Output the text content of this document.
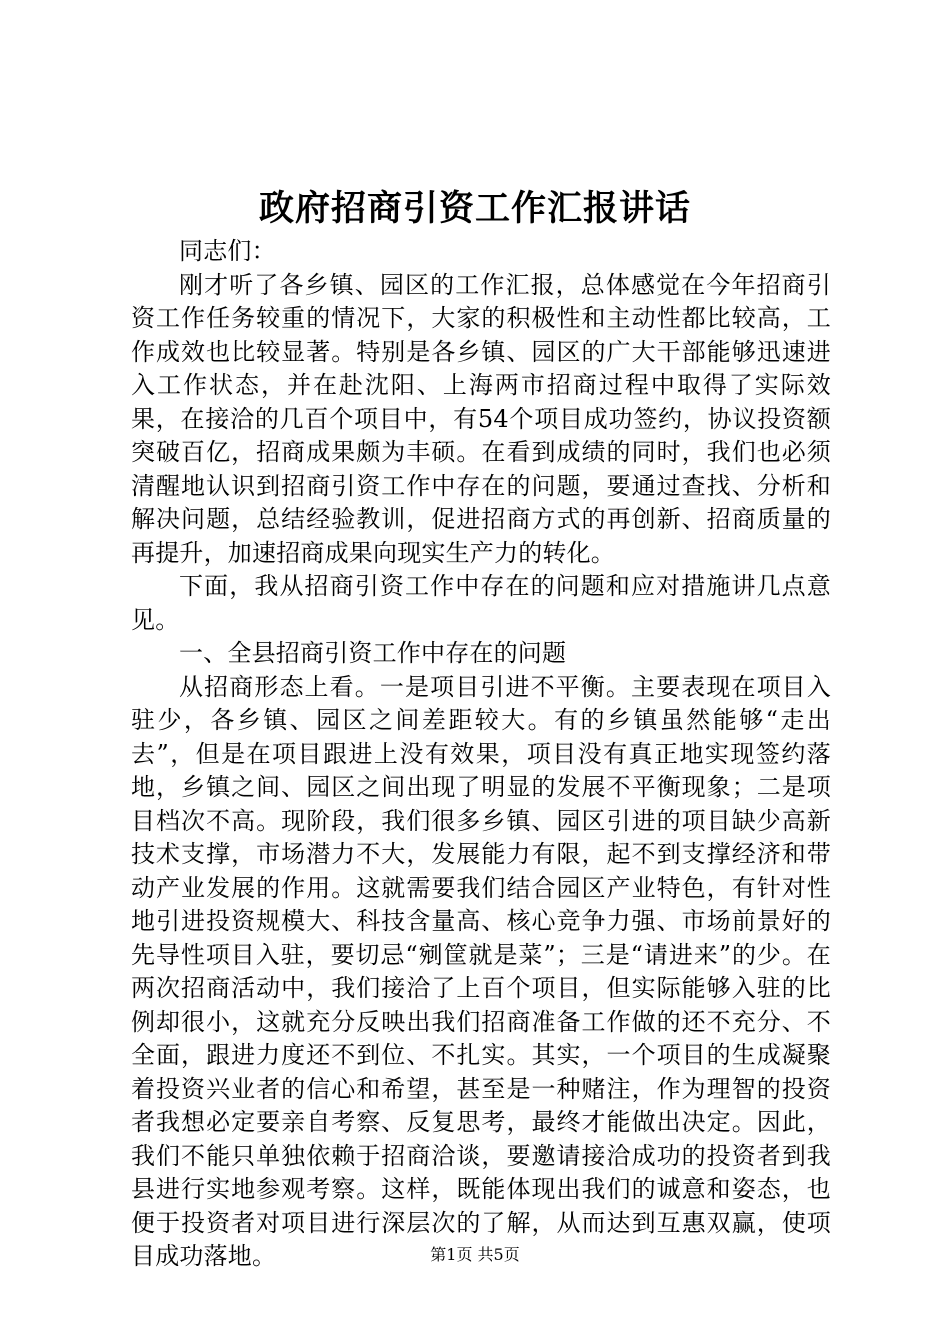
政府招商引资工作汇报讲话

同志们：

刚才听了各乡镇、园区的工作汇报，总体感觉在今年招商引资工作任务较重的情况下，大家的积极性和主动性都比较高，工作成效也比较显著。特别是各乡镇、园区的广大干部能够迅速进入工作状态，并在赴沈阳、上海两市招商过程中取得了实际效果，在接洽的几百个项目中，有54个项目成功签约，协议投资额突破百亿，招商成果颇为丰硕。在看到成绩的同时，我们也必须清醒地认识到招商引资工作中存在的问题，要通过查找、分析和解决问题，总结经验教训，促进招商方式的再创新、招商质量的再提升，加速招商成果向现实生产力的转化。

下面，我从招商引资工作中存在的问题和应对措施讲几点意见。

一、全县招商引资工作中存在的问题

从招商形态上看。一是项目引进不平衡。主要表现在项目入驻少，各乡镇、园区之间差距较大。有的乡镇虽然能够“走出去”，但是在项目跟进上没有效果，项目没有真正地实现签约落地，乡镇之间、园区之间出现了明显的发展不平衡现象；二是项目档次不高。现阶段，我们很多乡镇、园区引进的项目缺少高新技术支撑，市场潜力不大，发展能力有限，起不到支撑经济和带动产业发展的作用。这就需要我们结合园区产业特色，有针对性地引进投资规模大、科技含量高、核心竞争力强、市场前景好的先导性项目入驻，要切忌“剜筐就是菜”；三是“请进来”的少。在两次招商活动中，我们接洽了上百个项目，但实际能够入驻的比例却很小，这就充分反映出我们招商准备工作做的还不充分、不全面，跟进力度还不到位、不扎实。其实，一个项目的生成凝聚着投资兴业者的信心和希望，甚至是一种赌注，作为理智的投资者我想必定要亲自考察、反复思考，最终才能做出决定。因此，我们不能只单独依赖于招商洽谈，要邀请接洽成功的投资者到我县进行实地参观考察。这样，既能体现出我们的诚意和姿态，也便于投资者对项目进行深层次的了解，从而达到互惠双赢，使项目成功落地。	第1页 共5页
